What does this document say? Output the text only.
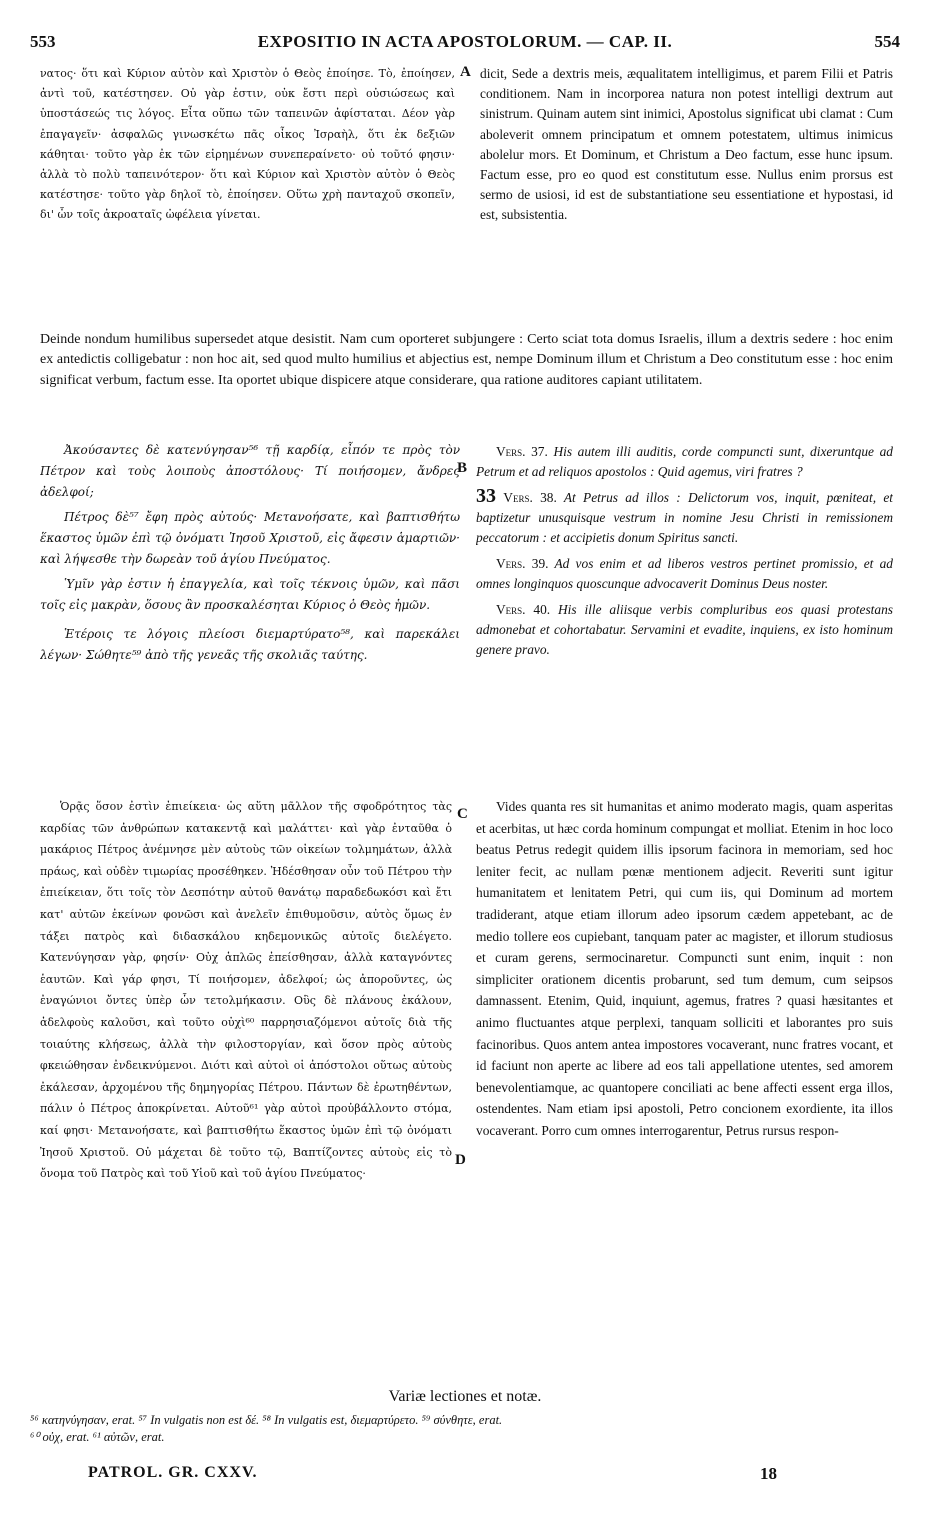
553	EXPOSITIO IN ACTA APOSTOLORUM. — CAP. II.	554
A
B
C
D

νατος· ὅτι καὶ Κύριον αὐτὸν καὶ Χριστὸν ὁ Θεὸς ἐποίησε. Τὸ, ἐποίησεν, ἀντὶ τοῦ, κατέστησεν. Οὐ γὰρ ἐστιν, οὐκ ἔστι περὶ οὐσιώσεως καὶ ὑποστάσεώς τις λόγος. Εἶτα οὕπω τῶν ταπεινῶν ἀφίσταται. Δέον γὰρ ἐπαγαγεῖν· ἀσφαλῶς γινωσκέτω πᾶς οἶκος Ἰσραὴλ, ὅτι ἐκ δεξιῶν κάθηται· τοῦτο γὰρ ἐκ τῶν εἰρημένων συνεπεραίνετο· οὐ τοῦτό φησιν· ἀλλὰ τὸ πολὺ ταπεινότερον· ὅτι καὶ Κύριον καὶ Χριστὸν αὐτὸν ὁ Θεὸς κατέστησε· τοῦτο γὰρ δηλοῖ τὸ, ἐποίησεν. Οὕτω χρὴ πανταχοῦ σκοπεῖν, δι' ὧν τοῖς ἀκροαταῖς ὠφέλεια γίνεται.

dicit, Sede a dextris meis, æqualitatem intelligimus, et parem Filii et Patris conditionem. Nam in incorporea natura non potest intelligi dextrum aut sinistrum. Quinam autem sint inimici, Apostolus significat ubi clamat : Cum aboleverit omnem principatum et omnem potestatem, ultimus inimicus abolelur mors. Et Dominum, et Christum a Deo factum, esse hunc ipsum. Factum esse, pro eo quod est constitutum esse. Nullus enim prorsus est sermo de usiosi, id est de substantiatione seu essentiatione et hypostasi, id est, subsistentia.

Deinde nondum humilibus supersedet atque desistit. Nam cum oporteret subjungere : Certo sciat tota domus Israelis, illum a dextris sedere : hoc enim ex antedictis colligebatur : non hoc ait, sed quod multo humilius et abjectius est, nempe Dominum illum et Christum a Deo constitutum esse : hoc enim significat verbum, factum esse. Ita oportet ubique dispicere atque considerare, qua ratione auditores capiant utilitatem.

Ἀκούσαντες δὲ κατενύγησαν⁵⁶ τῇ καρδίᾳ, εἶπόν τε πρὸς τὸν Πέτρον καὶ τοὺς λοιποὺς ἀποστόλους· Τί ποιήσομεν, ἄνδρες ἀδελφοί;

Πέτρος δὲ⁵⁷ ἔφη πρὸς αὐτούς· Μετανοήσατε, καὶ βαπτισθήτω ἕκαστος ὑμῶν ἐπὶ τῷ ὀνόματι Ἰησοῦ Χριστοῦ, εἰς ἄφεσιν ἁμαρτιῶν· καὶ λήψεσθε τὴν δωρεὰν τοῦ ἁγίου Πνεύματος.

Ὑμῖν γὰρ ἐστιν ἡ ἐπαγγελία, καὶ τοῖς τέκνοις ὑμῶν, καὶ πᾶσι τοῖς εἰς μακρὰν, ὅσους ἂν προσκαλέσηται Κύριος ὁ Θεὸς ἡμῶν.

Ἑτέροις τε λόγοις πλείοσι διεμαρτύρατο⁵⁸, καὶ παρεκάλει λέγων· Σώθητε⁵⁹ ἀπὸ τῆς γενεᾶς τῆς σκολιᾶς ταύτης.

Vers. 37. His autem illi auditis, corde compuncti sunt, dixeruntque ad Petrum et ad reliquos apostolos : Quid agemus, viri fratres ?

33 Vers. 38. At Petrus ad illos : Delictorum vos, inquit, pœniteat, et baptizetur unusquisque vestrum in nomine Jesu Christi in remissionem peccatorum : et accipietis donum Spiritus sancti.

Vers. 39. Ad vos enim et ad liberos vestros pertinet promissio, et ad omnes longinquos quoscunque advocaverit Dominus Deus noster.

Vers. 40. His ille aliisque verbis compluribus eos quasi protestans admonebat et cohortabatur. Servamini et evadite, inquiens, ex isto hominum genere pravo.

Ὁρᾷς ὅσον ἐστὶν ἐπιείκεια· ὡς αὕτη μᾶλλον τῆς σφοδρότητος τὰς καρδίας τῶν ἀνθρώπων κατακεντᾷ καὶ μαλάττει· καὶ γὰρ ἐνταῦθα ὁ μακάριος Πέτρος ἀνέμνησε μὲν αὐτοὺς τῶν οἰκείων τολμημάτων, ἀλλὰ πράως, καὶ οὐδὲν τιμωρίας προσέθηκεν. Ἠδέσθησαν οὖν τοῦ Πέτρου τὴν ἐπιείκειαν, ὅτι τοῖς τὸν Δεσπότην αὐτοῦ θανάτῳ παραδεδωκόσι καὶ ἔτι κατ' αὐτῶν ἐκείνων φονῶσι καὶ ἀνελεῖν ἐπιθυμοῦσιν, αὐτὸς ὅμως ἐν τάξει πατρὸς καὶ διδασκάλου κηδεμονικῶς αὐτοῖς διελέγετο. Κατενύγησαν γὰρ, φησίν· Οὐχ ἁπλῶς ἐπείσθησαν, ἀλλὰ καταγνόντες ἑαυτῶν. Καὶ γάρ φησι, Τί ποιήσομεν, ἀδελφοί; ὡς ἀπορoῦντες, ὡς ἐναγώνιοι ὄντες ὑπὲρ ὧν τετολμήκασιν. Οὓς δὲ πλάνους ἐκάλουν, ἀδελφοὺς καλοῦσι, καὶ τοῦτο οὐχὶ⁶⁰ παρρησιαζόμενοι αὐτοῖς διὰ τῆς τοιαύτης κλήσεως, ἀλλὰ τὴν φιλοστοργίαν, καὶ ὅσον πρὸς αὐτοὺς φκειώθησαν ἐνδεικνύμενοι. Διότι καὶ αὐτοὶ οἱ ἀπόστολοι οὕτως αὐτοὺς ἐκάλεσαν, ἀρχομένου τῆς δημηγορίας Πέτρου. Πάντων δὲ ἐρωτηθέντων, πάλιν ὁ Πέτρος ἀποκρίνεται. Αὐτοῦ⁶¹ γὰρ αὐτοὶ προὐβάλλοντο στόμα, καί φησι· Μετανοήσατε, καὶ βαπτισθήτω ἕκαστος ὑμῶν ἐπὶ τῷ ὀνόματι Ἰησοῦ Χριστοῦ. Οὐ μάχεται δὲ τοῦτο τῷ, Βαπτίζοντες αὐτοὺς εἰς τὸ ὄνομα τοῦ Πατρὸς καὶ τοῦ Υἱοῦ καὶ τοῦ ἁγίου Πνεύματος·

Vides quanta res sit humanitas et animo moderato magis, quam asperitas et acerbitas, ut hæc corda hominum compungat et molliat. Etenim in hoc loco beatus Petrus redegit quidem illis ipsorum facinora in memoriam, sed hoc leniter fecit, ac nullam pœnæ mentionem adjecit. Reveriti sunt igitur humanitatem et lenitatem Petri, qui cum iis, qui Dominum ad mortem tradiderant, atque etiam illorum adeo ipsorum cædem appetebant, ac de medio tollere eos cupiebant, tanquam pater ac magister, et illorum studiosus et curam gerens, sermocinaretur. Compuncti sunt enim, inquit : non simpliciter orationem dicentis probarunt, sed tum demum, cum seipsos damnassent. Etenim, Quid, inquiunt, agemus, fratres ? quasi hæsitantes et animo fluctuantes atque perplexi, tanquam solliciti et laborantes pro suis facinoribus. Quos antem antea impostores vocaverant, nunc fratres vocant, et id faciunt non aperte ac libere ad eos tali appellatione utentes, sed amorem benevolentiamque, ac quantopere conciliati ac bene affecti essent erga illos, ostendentes. Nam etiam ipsi apostoli, Petro concionem exordiente, ita illos vocaverant. Porro cum omnes interrogarentur, Petrus rursus respon-

Variæ lectiones et notæ.
⁵⁶ κατηνύγησαν, erat. ⁵⁷ In vulgatis non est δέ. ⁵⁸ In vulgatis est, διεμαρτύρετο. ⁵⁹ σύνθητε, erat.
⁶⁰ οὐχ, erat. ⁶¹ αὐτῶν, erat.
PATROL. GR. CXXV.	18
